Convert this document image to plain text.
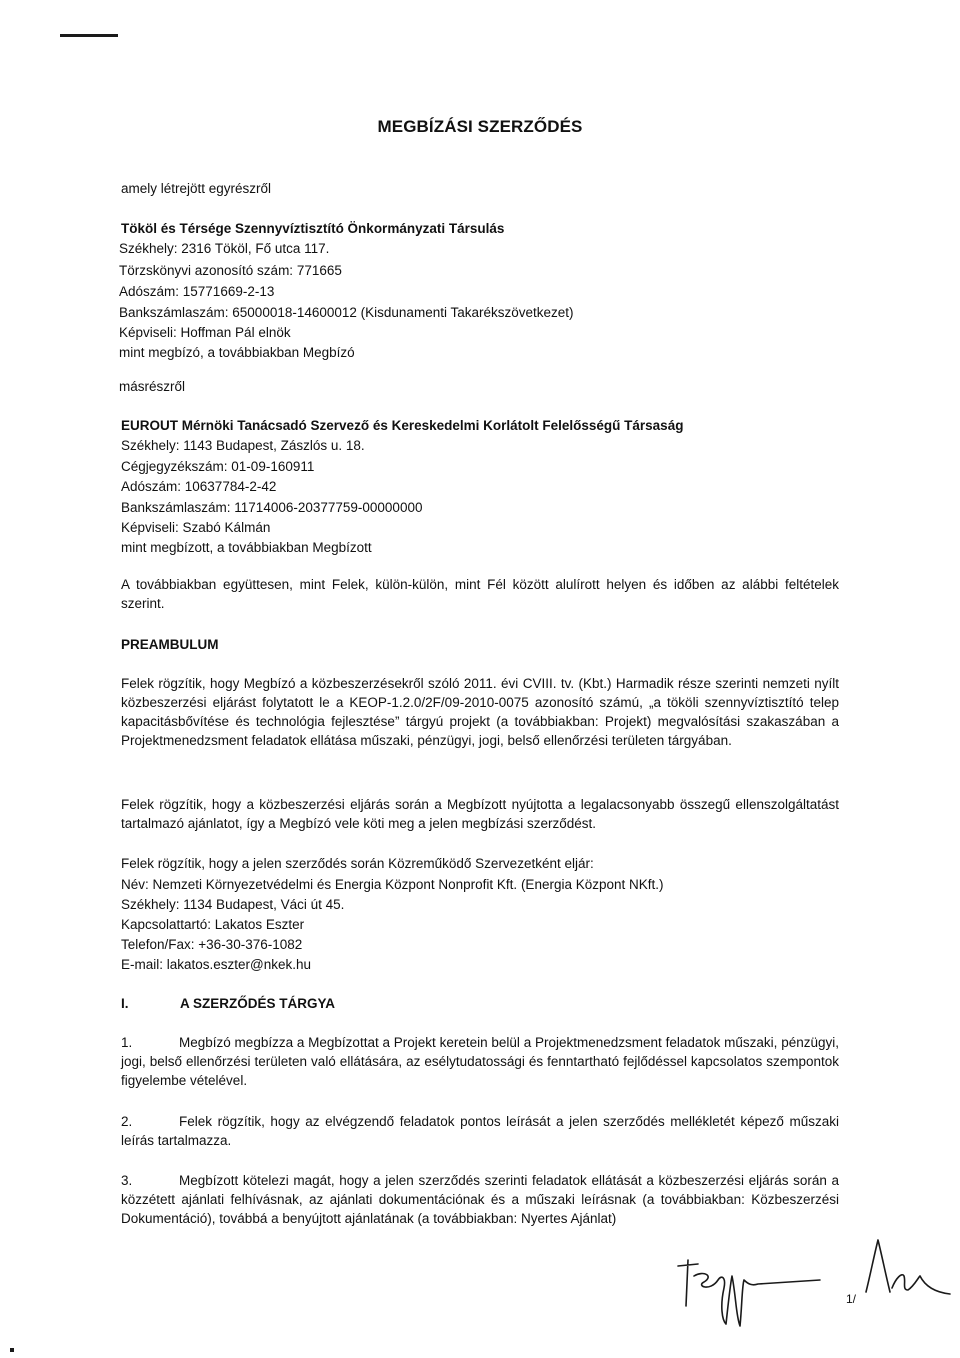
MEGBÍZÁSI SZERZŐDÉS
amely létrejött egyrészről
Tököl és Térsége Szennyvíztisztító Önkormányzati Társulás
Székhely: 2316 Tököl, Fő utca 117.
Törzskönyvi azonosító szám: 771665
Adószám: 15771669-2-13
Bankszámlaszám: 65000018-14600012 (Kisdunamenti Takarékszövetkezet)
Képviseli: Hoffman Pál elnök
mint megbízó, a továbbiakban Megbízó
másrészről
EUROUT Mérnöki Tanácsadó Szervező és Kereskedelmi Korlátolt Felelősségű Társaság
Székhely: 1143 Budapest, Zászlós u. 18.
Cégjegyzékszám: 01-09-160911
Adószám: 10637784-2-42
Bankszámlaszám: 11714006-20377759-00000000
Képviseli: Szabó Kálmán
mint megbízott, a továbbiakban Megbízott

A továbbiakban együttesen, mint Felek, külön-külön, mint Fél között alulírott helyen és időben az alábbi feltételek szerint.

PREAMBULUM

Felek rögzítik, hogy Megbízó a közbeszerzésekről szóló 2011. évi CVIII. tv. (Kbt.) Harmadik része szerinti nemzeti nyílt közbeszerzési eljárást folytatott le a KEOP-1.2.0/2F/09-2010-0075 azonosító számú, „a tököli szennyvíztisztító telep kapacitásbővítése és technológia fejlesztése” tárgyú projekt (a továbbiakban: Projekt) megvalósítási szakaszában a Projektmenedzsment feladatok ellátása műszaki, pénzügyi, jogi, belső ellenőrzési területen tárgyában.

Felek rögzítik, hogy a közbeszerzési eljárás során a Megbízott nyújtotta a legalacsonyabb összegű ellenszolgáltatást tartalmazó ajánlatot, így a Megbízó vele köti meg a jelen megbízási szerződést.

Felek rögzítik, hogy a jelen szerződés során Közreműködő Szervezetként eljár:
Név: Nemzeti Környezetvédelmi és Energia Központ Nonprofit Kft. (Energia Központ NKft.)
Székhely: 1134 Budapest, Váci út 45.
Kapcsolattartó: Lakatos Eszter
Telefon/Fax: +36-30-376-1082
E-mail: lakatos.eszter@nkek.hu
I.	A SZERZŐDÉS TÁRGYA

1.	Megbízó megbízza a Megbízottat a Projekt keretein belül a Projektmenedzsment feladatok műszaki, pénzügyi, jogi, belső ellenőrzési területen való ellátására, az esélytudatossági és fenntartható fejlődéssel kapcsolatos szempontok figyelembe vételével.

2.	Felek rögzítik, hogy az elvégzendő feladatok pontos leírását a jelen szerződés mellékletét képező műszaki leírás tartalmazza.

3.	Megbízott kötelezi magát, hogy a jelen szerződés szerinti feladatok ellátását a közbeszerzési eljárás során a közzétett ajánlati felhívásnak, az ajánlati dokumentációnak és a műszaki leírásnak (a továbbiakban: Közbeszerzési Dokumentáció), továbbá a benyújtott ajánlatának (a továbbiakban: Nyertes Ajánlat)

1/
